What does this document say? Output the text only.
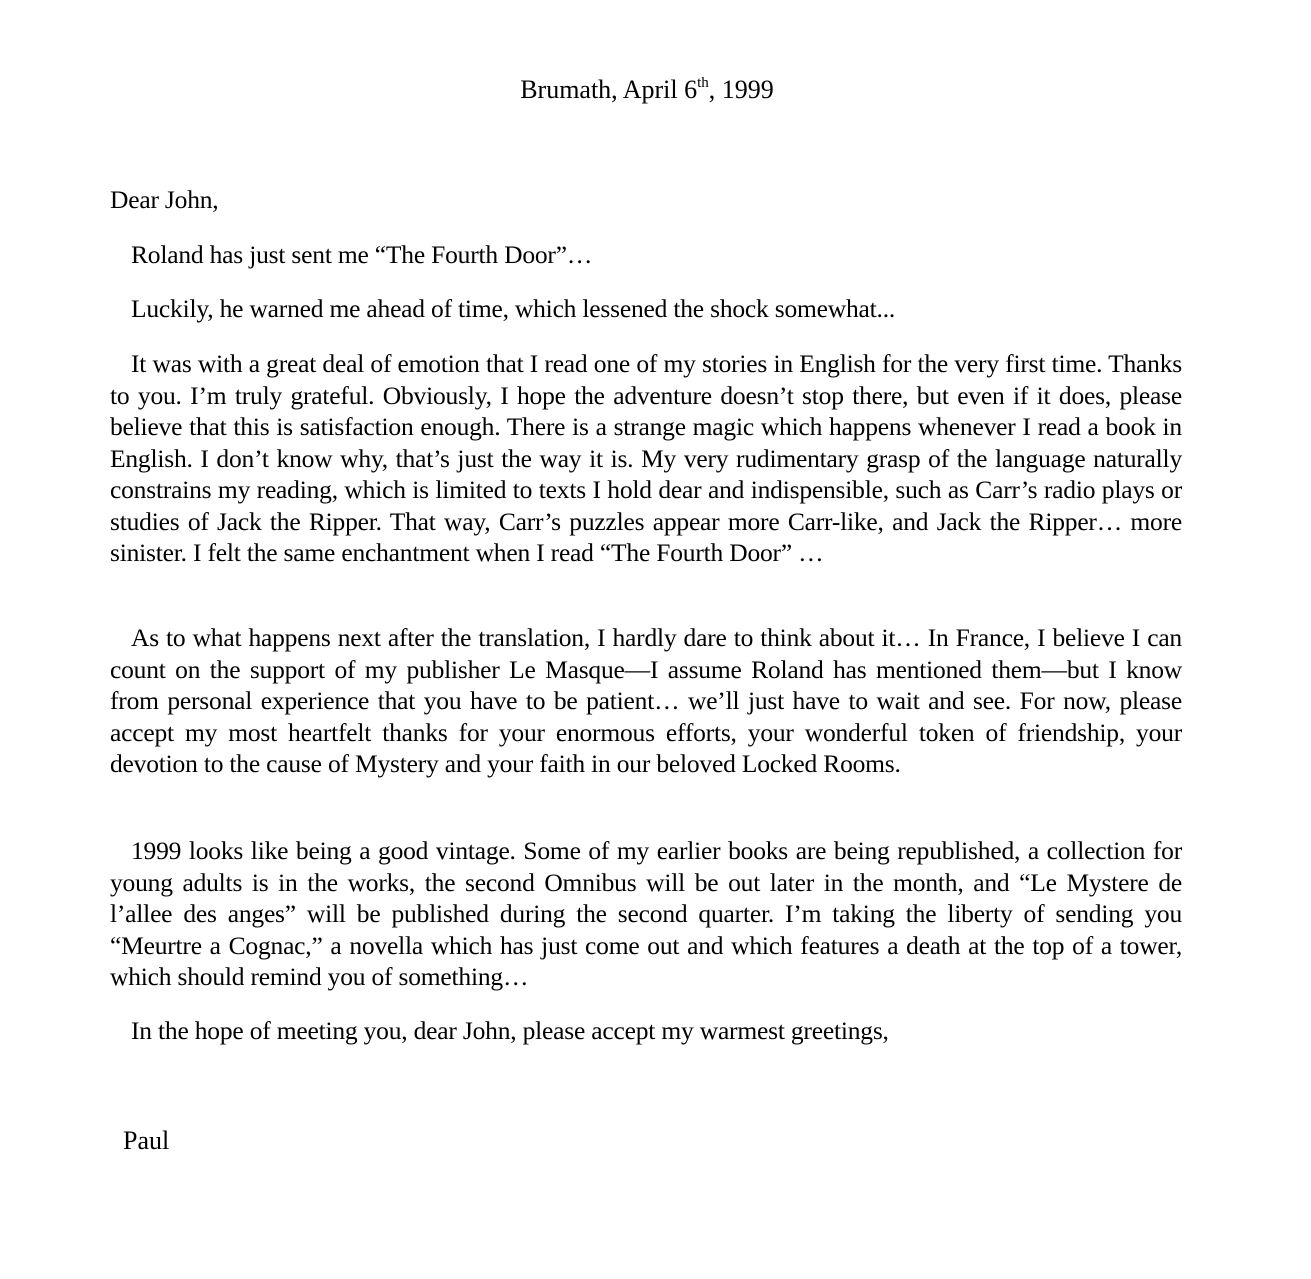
Brumath, April 6th, 1999
Dear John,
Roland has just sent me “The Fourth Door”…
Luckily, he warned me ahead of time, which lessened the shock somewhat...
It was with a great deal of emotion that I read one of my stories in English for the very first time. Thanks to you. I’m truly grateful. Obviously, I hope the adventure doesn’t stop there, but even if it does, please believe that this is satisfaction enough. There is a strange magic which happens whenever I read a book in English. I don’t know why, that’s just the way it is. My very rudimentary grasp of the language naturally constrains my reading, which is limited to texts I hold dear and indispensible, such as Carr’s radio plays or studies of Jack the Ripper. That way, Carr’s puzzles appear more Carr-like, and Jack the Ripper… more sinister. I felt the same enchantment when I read “The Fourth Door” …
As to what happens next after the translation, I hardly dare to think about it… In France, I believe I can count on the support of my publisher Le Masque—I assume Roland has mentioned them—but I know from personal experience that you have to be patient… we’ll just have to wait and see. For now, please accept my most heartfelt thanks for your enormous efforts, your wonderful token of friendship, your devotion to the cause of Mystery and your faith in our beloved Locked Rooms.
1999 looks like being a good vintage. Some of my earlier books are being republished, a collection for young adults is in the works, the second Omnibus will be out later in the month, and “Le Mystere de l’allee des anges” will be published during the second quarter. I’m taking the liberty of sending you “Meurtre a Cognac,” a novella which has just come out and which features a death at the top of a tower, which should remind you of something…
In the hope of meeting you, dear John, please accept my warmest greetings,
Paul
